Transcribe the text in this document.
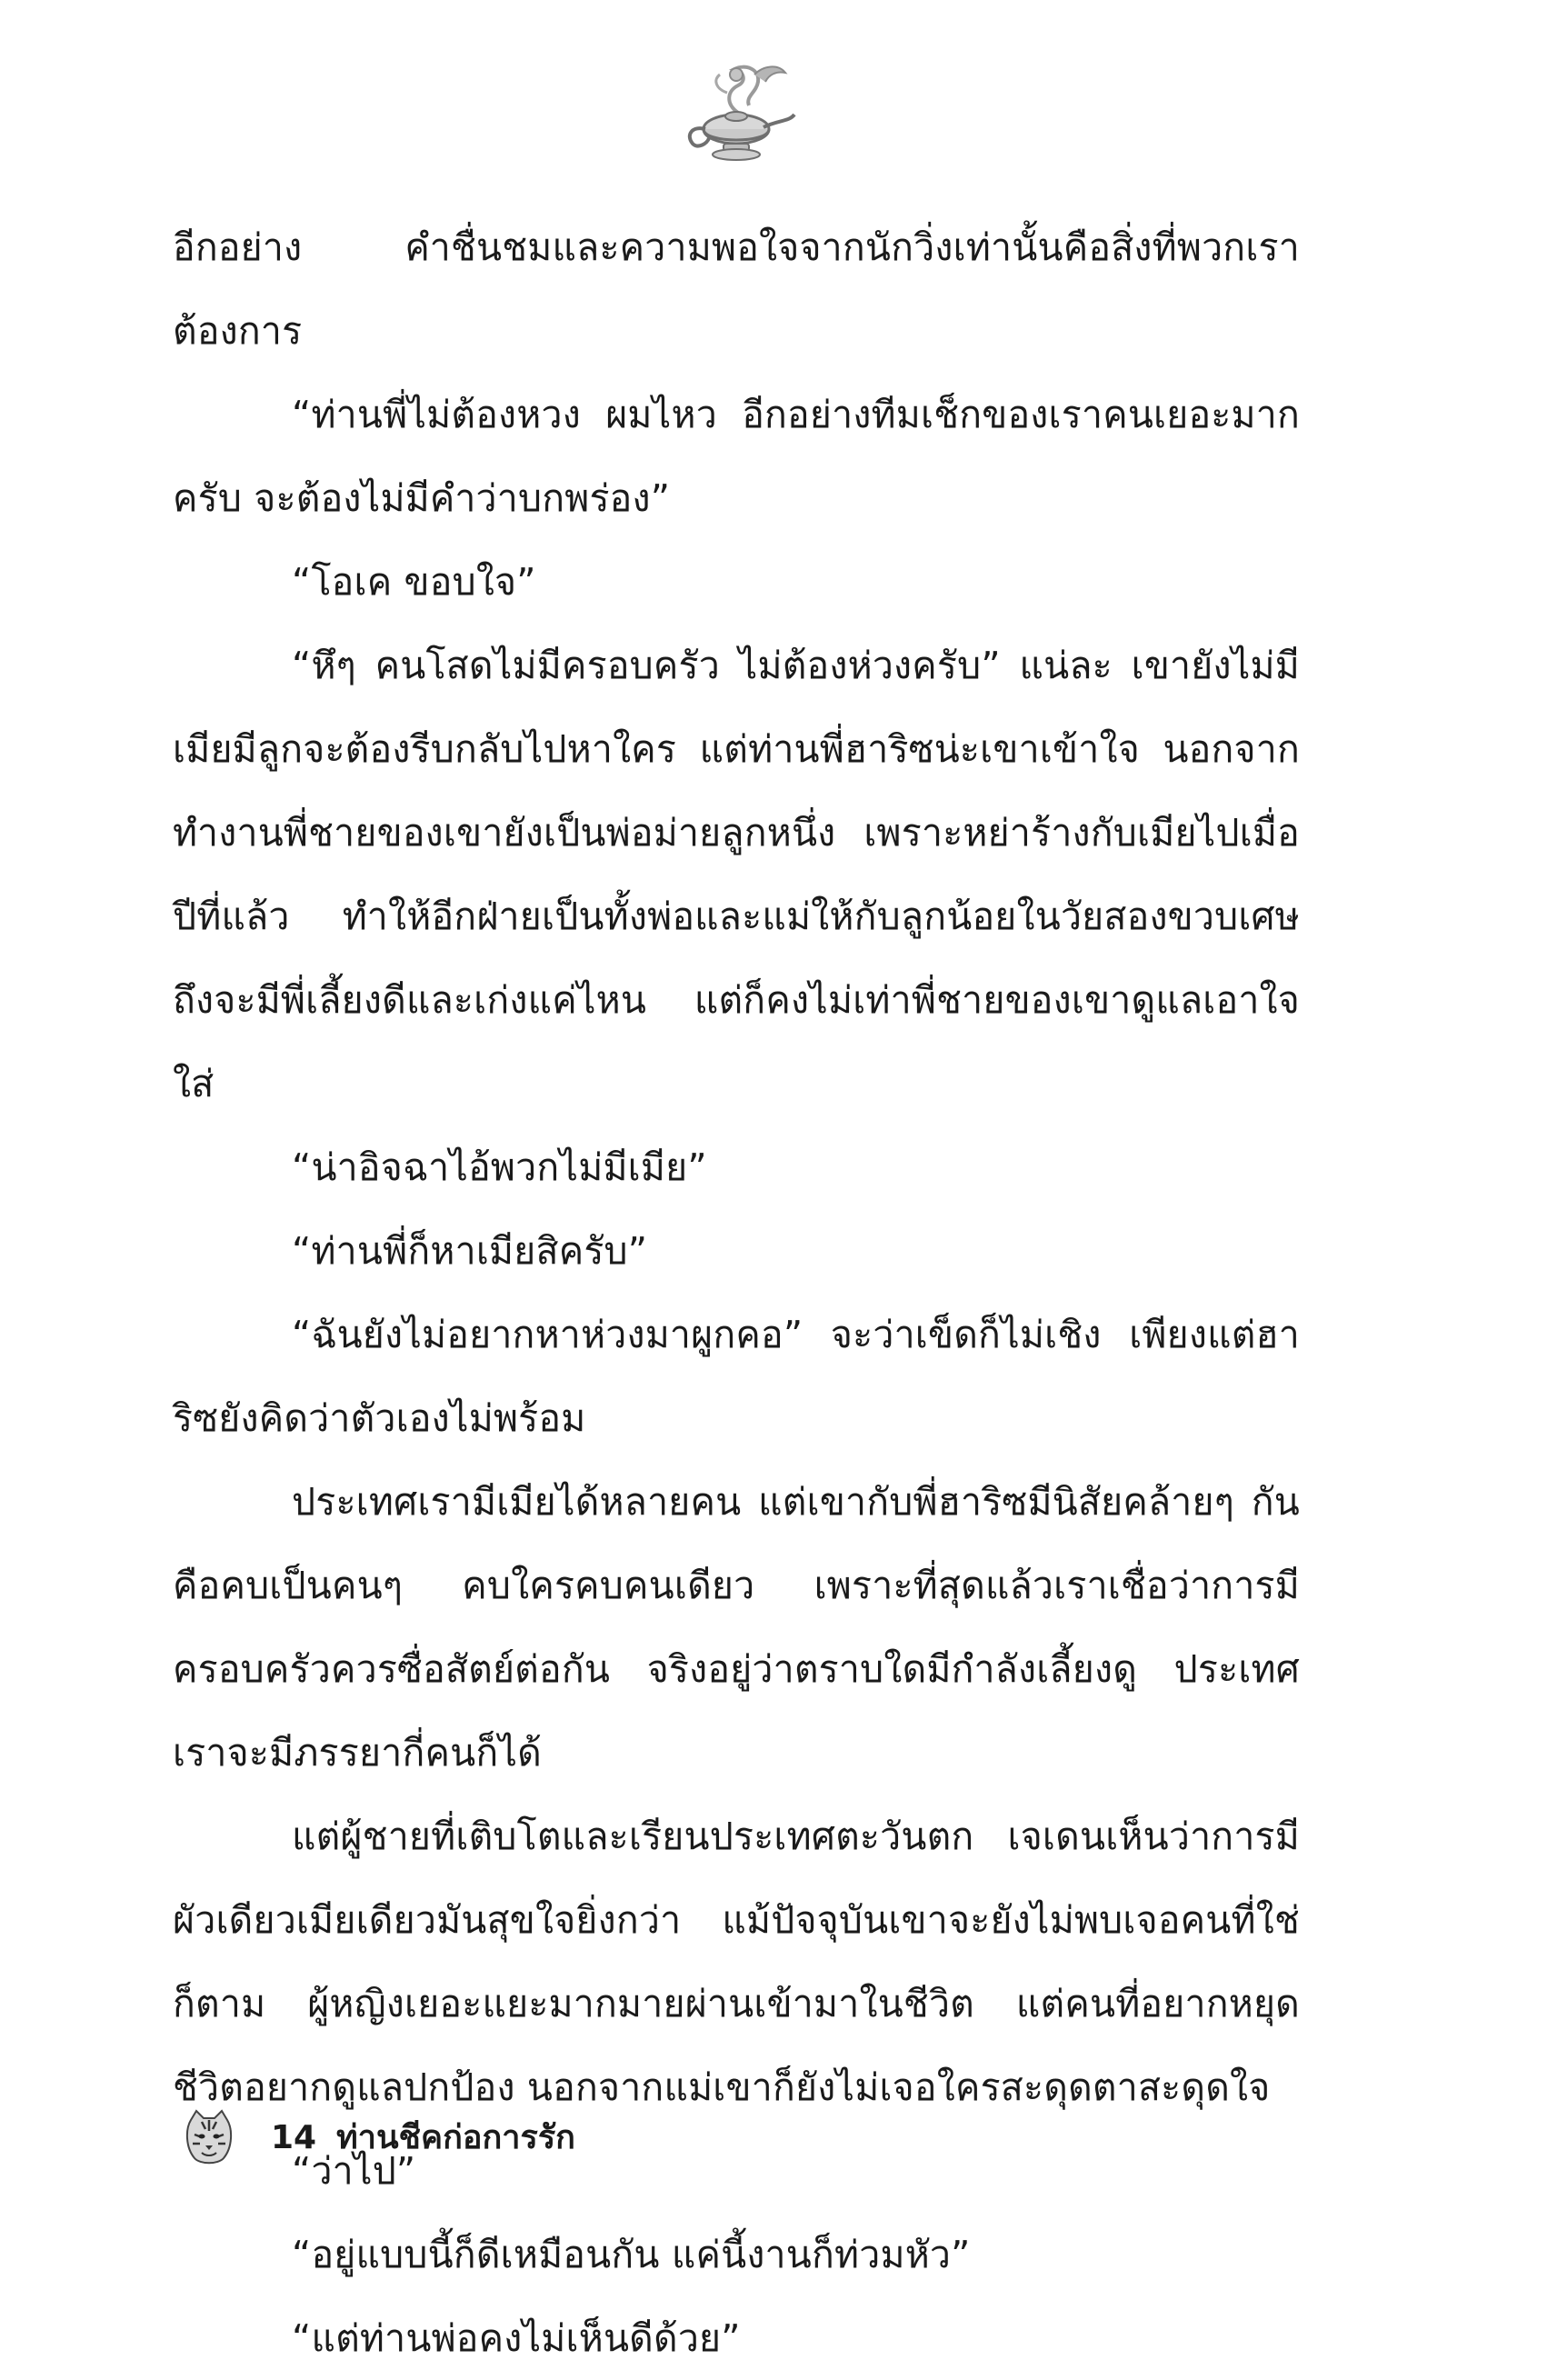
อีกอย่าง คำชื่นชมและความพอใจจากนักวิ่งเท่านั้นคือสิ่งที่พวกเราต้องการ

“ท่านพี่ไม่ต้องหวง ผมไหว อีกอย่างทีมเช็กของเราคนเยอะมากครับ จะต้องไม่มีคำว่าบกพร่อง”

“โอเค ขอบใจ”

“หึๆ คนโสดไม่มีครอบครัว ไม่ต้องห่วงครับ” แน่ละ เขายังไม่มีเมียมีลูกจะต้องรีบกลับไปหาใคร แต่ท่านพี่ฮาริซน่ะเขาเข้าใจ นอกจากทำงานพี่ชายของเขายังเป็นพ่อม่ายลูกหนึ่ง เพราะหย่าร้างกับเมียไปเมื่อปีที่แล้ว ทำให้อีกฝ่ายเป็นทั้งพ่อและแม่ให้กับลูกน้อยในวัยสองขวบเศษ ถึงจะมีพี่เลี้ยงดีและเก่งแค่ไหน แต่ก็คงไม่เท่าพี่ชายของเขาดูแลเอาใจใส่

“น่าอิจฉาไอ้พวกไม่มีเมีย”

“ท่านพี่ก็หาเมียสิครับ”

“ฉันยังไม่อยากหาห่วงมาผูกคอ” จะว่าเข็ดก็ไม่เชิง เพียงแต่ฮาริซยังคิดว่าตัวเองไม่พร้อม

ประเทศเรามีเมียได้หลายคน แต่เขากับพี่ฮาริซมีนิสัยคล้ายๆ กัน คือคบเป็นคนๆ คบใครคบคนเดียว เพราะที่สุดแล้วเราเชื่อว่าการมีครอบครัวควรซื่อสัตย์ต่อกัน จริงอยู่ว่าตราบใดมีกำลังเลี้ยงดู ประเทศเราจะมีภรรยากี่คนก็ได้

แต่ผู้ชายที่เติบโตและเรียนประเทศตะวันตก เจเดนเห็นว่าการมีผัวเดียวเมียเดียวมันสุขใจยิ่งกว่า แม้ปัจจุบันเขาจะยังไม่พบเจอคนที่ใช่ก็ตาม ผู้หญิงเยอะแยะมากมายผ่านเข้ามาในชีวิต แต่คนที่อยากหยุดชีวิตอยากดูแลปกป้อง นอกจากแม่เขาก็ยังไม่เจอใครสะดุดตาสะดุดใจ

“ว่าไป”

“อยู่แบบนี้ก็ดีเหมือนกัน แค่นี้งานก็ท่วมหัว”

“แต่ท่านพ่อคงไม่เห็นดีด้วย”

14 ท่านชีคก่อการรัก
